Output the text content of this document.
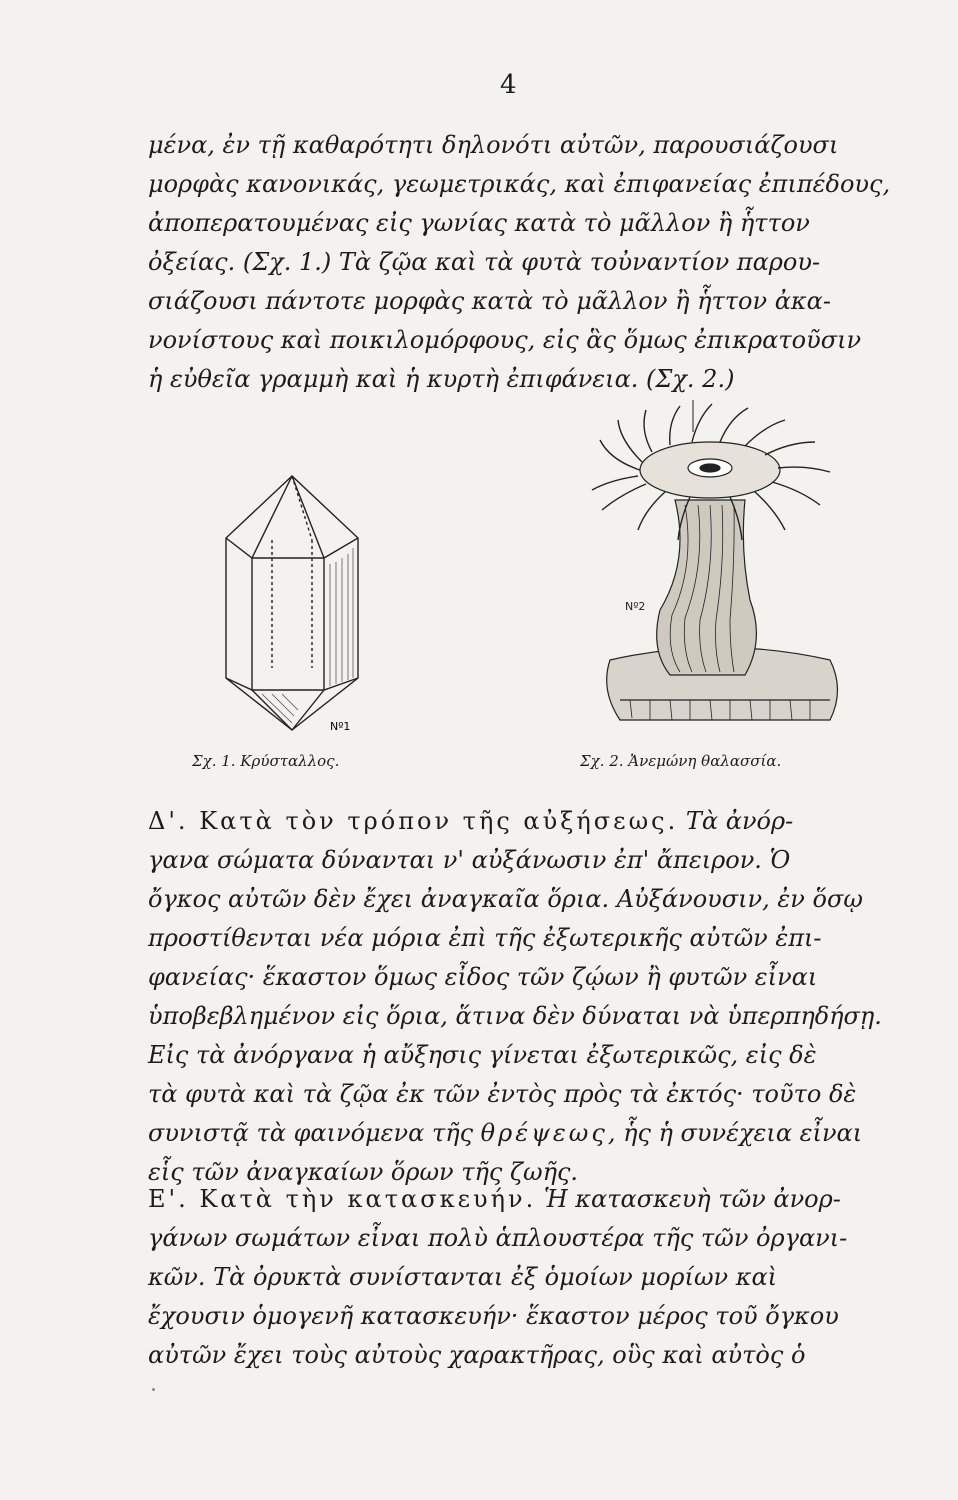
4

μένα, ἐν τῇ καθαρότητι δηλονότι αὐτῶν, παρουσιάζουσι
μορφὰς κανονικάς, γεωμετρικάς, καὶ ἐπιφανείας ἐπιπέδους,
ἀποπερατουμένας εἰς γωνίας κατὰ τὸ μᾶλλον ἢ ἧττον
ὀξείας. (Σχ. 1.) Τὰ ζῷα καὶ τὰ φυτὰ τοὐναντίον παρου-
σιάζουσι πάντοτε μορφὰς κατὰ τὸ μᾶλλον ἢ ἧττον ἀκα-
νονίστους καὶ ποικιλομόρφους, εἰς ἃς ὅμως ἐπικρατοῦσιν
ἡ εὐθεῖα γραμμὴ καὶ ἡ κυρτὴ ἐπιφάνεια. (Σχ. 2.)

Nº1
Σχ. 1. Κρύσταλλος.
Nº2
Σχ. 2. Ἀνεμώνη θαλασσία.

Δ'. Κατὰ τὸν τρόπον τῆς αὐξήσεως. Τὰ ἀνόρ-
γανα σώματα δύνανται ν' αὐξάνωσιν ἐπ' ἄπειρον. Ὁ
ὄγκος αὐτῶν δὲν ἔχει ἀναγκαῖα ὅρια. Αὐξάνουσιν, ἐν ὅσῳ
προστίθενται νέα μόρια ἐπὶ τῆς ἐξωτερικῆς αὐτῶν ἐπι-
φανείας· ἕκαστον ὅμως εἶδος τῶν ζῴων ἢ φυτῶν εἶναι
ὑποβεβλημένον εἰς ὅρια, ἅτινα δὲν δύναται νὰ ὑπερπηδήσῃ.
Εἰς τὰ ἀνόργανα ἡ αὔξησις γίνεται ἐξωτερικῶς, εἰς δὲ
τὰ φυτὰ καὶ τὰ ζῷα ἐκ τῶν ἐντὸς πρὸς τὰ ἐκτός· τοῦτο δὲ
συνιστᾷ τὰ φαινόμενα τῆς θρέψεως, ἧς ἡ συνέχεια εἶναι
εἷς τῶν ἀναγκαίων ὅρων τῆς ζωῆς.

Ε'. Κατὰ τὴν κατασκευήν. Ἡ κατασκευὴ τῶν ἀνορ-
γάνων σωμάτων εἶναι πολὺ ἁπλουστέρα τῆς τῶν ὀργανι-
κῶν. Τὰ ὀρυκτὰ συνίστανται ἐξ ὁμοίων μορίων καὶ
ἔχουσιν ὁμογενῆ κατασκευήν· ἕκαστον μέρος τοῦ ὄγκου
αὐτῶν ἔχει τοὺς αὐτοὺς χαρακτῆρας, οὓς καὶ αὐτὸς ὁ
